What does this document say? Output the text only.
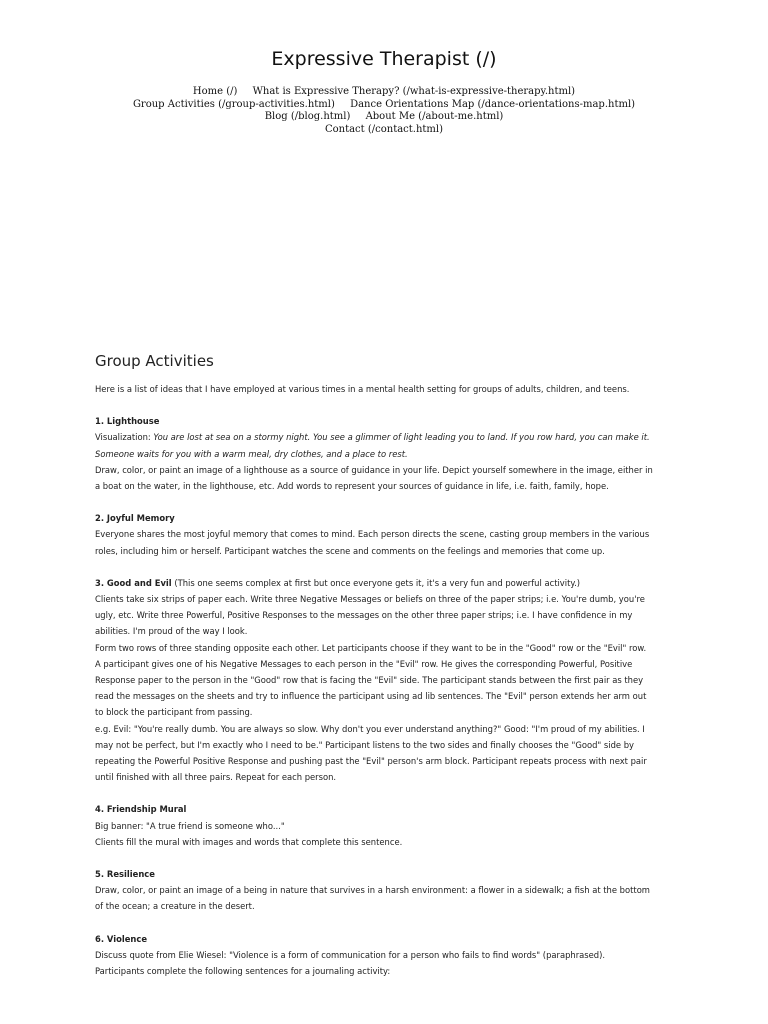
Expressive Therapist (/)
Home (/) What is Expressive Therapy? (/what-is-expressive-therapy.html) Group Activities (/group-activities.html) Dance Orientations Map (/dance-orientations-map.html) Blog (/blog.html) About Me (/about-me.html)
Contact (/contact.html)
Group Activities

Here is a list of ideas that I have employed at various times in a mental health setting for groups of adults, children, and teens.

1. Lighthouse

Visualization: You are lost at sea on a stormy night. You see a glimmer of light leading you to land. If you row hard, you can make it. Someone waits for you with a warm meal, dry clothes, and a place to rest.

Draw, color, or paint an image of a lighthouse as a source of guidance in your life. Depict yourself somewhere in the image, either in a boat on the water, in the lighthouse, etc. Add words to represent your sources of guidance in life, i.e. faith, family, hope.

2. Joyful Memory

Everyone shares the most joyful memory that comes to mind. Each person directs the scene, casting group members in the various roles, including him or herself. Participant watches the scene and comments on the feelings and memories that come up.

3. Good and Evil (This one seems complex at first but once everyone gets it, it's a very fun and powerful activity.)

Clients take six strips of paper each. Write three Negative Messages or beliefs on three of the paper strips; i.e. You're dumb, you're ugly, etc. Write three Powerful, Positive Responses to the messages on the other three paper strips; i.e. I have confidence in my abilities. I'm proud of the way I look.

Form two rows of three standing opposite each other. Let participants choose if they want to be in the "Good" row or the "Evil" row. A participant gives one of his Negative Messages to each person in the "Evil" row. He gives the corresponding Powerful, Positive Response paper to the person in the "Good" row that is facing the "Evil" side. The participant stands between the first pair as they read the messages on the sheets and try to influence the participant using ad lib sentences. The "Evil" person extends her arm out to block the participant from passing.

e.g. Evil: "You're really dumb. You are always so slow. Why don't you ever understand anything?" Good: "I'm proud of my abilities. I may not be perfect, but I'm exactly who I need to be." Participant listens to the two sides and finally chooses the "Good" side by repeating the Powerful Positive Response and pushing past the "Evil" person's arm block. Participant repeats process with next pair until finished with all three pairs. Repeat for each person.

4. Friendship Mural

Big banner: "A true friend is someone who..."

Clients fill the mural with images and words that complete this sentence.

5. Resilience

Draw, color, or paint an image of a being in nature that survives in a harsh environment: a flower in a sidewalk; a fish at the bottom of the ocean; a creature in the desert.

6. Violence

Discuss quote from Elie Wiesel: "Violence is a form of communication for a person who fails to find words" (paraphrased).

Participants complete the following sentences for a journaling activity:
